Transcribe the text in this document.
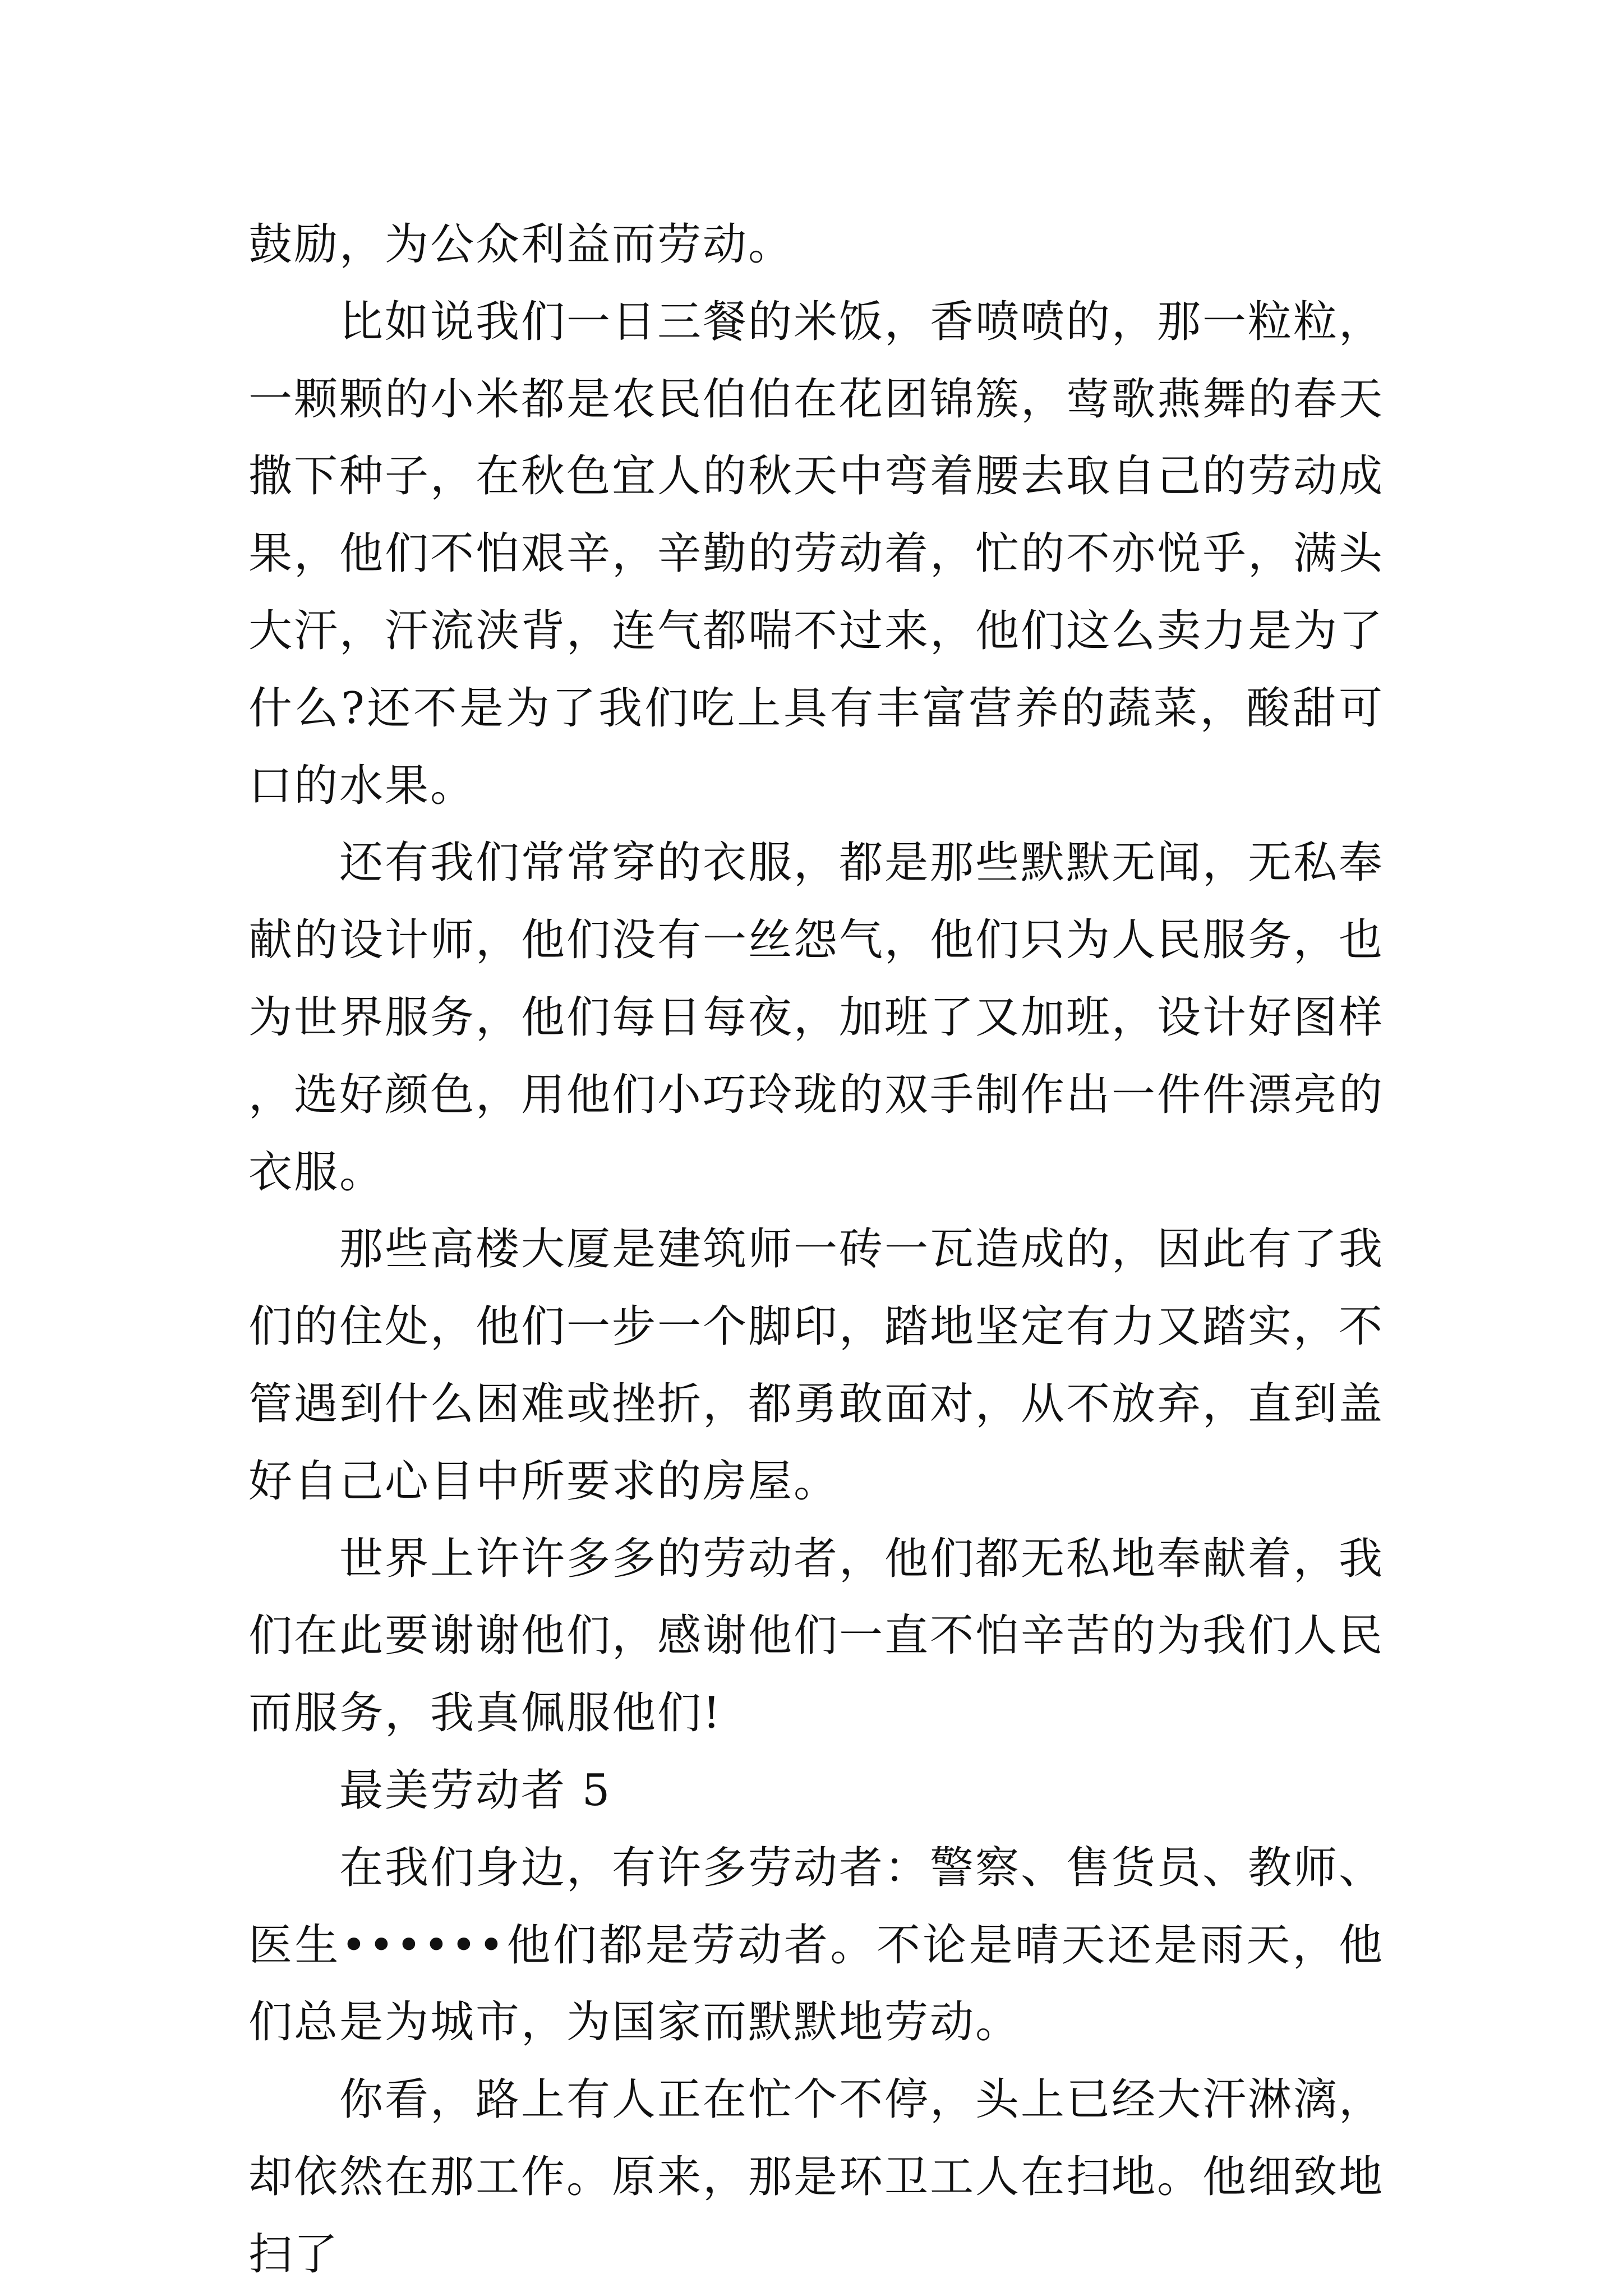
鼓励，为公众利益而劳动。

比如说我们一日三餐的米饭，香喷喷的，那一粒粒，一颗颗的小米都是农民伯伯在花团锦簇，莺歌燕舞的春天撒下种子，在秋色宜人的秋天中弯着腰去取自己的劳动成果，他们不怕艰辛，辛勤的劳动着，忙的不亦悦乎，满头大汗，汗流浃背，连气都喘不过来，他们这么卖力是为了什么?还不是为了我们吃上具有丰富营养的蔬菜，酸甜可口的水果。

还有我们常常穿的衣服，都是那些默默无闻，无私奉献的设计师，他们没有一丝怨气，他们只为人民服务，也为世界服务，他们每日每夜，加班了又加班，设计好图样，选好颜色，用他们小巧玲珑的双手制作出一件件漂亮的衣服。

那些高楼大厦是建筑师一砖一瓦造成的，因此有了我们的住处，他们一步一个脚印，踏地坚定有力又踏实，不管遇到什么困难或挫折，都勇敢面对，从不放弃，直到盖好自己心目中所要求的房屋。

世界上许许多多的劳动者，他们都无私地奉献着，我们在此要谢谢他们，感谢他们一直不怕辛苦的为我们人民而服务，我真佩服他们!

最美劳动者 5

在我们身边，有许多劳动者：警察、售货员、教师、医生••••••他们都是劳动者。不论是晴天还是雨天，他们总是为城市，为国家而默默地劳动。

你看，路上有人正在忙个不停，头上已经大汗淋漓，却依然在那工作。原来，那是环卫工人在扫地。他细致地扫了
